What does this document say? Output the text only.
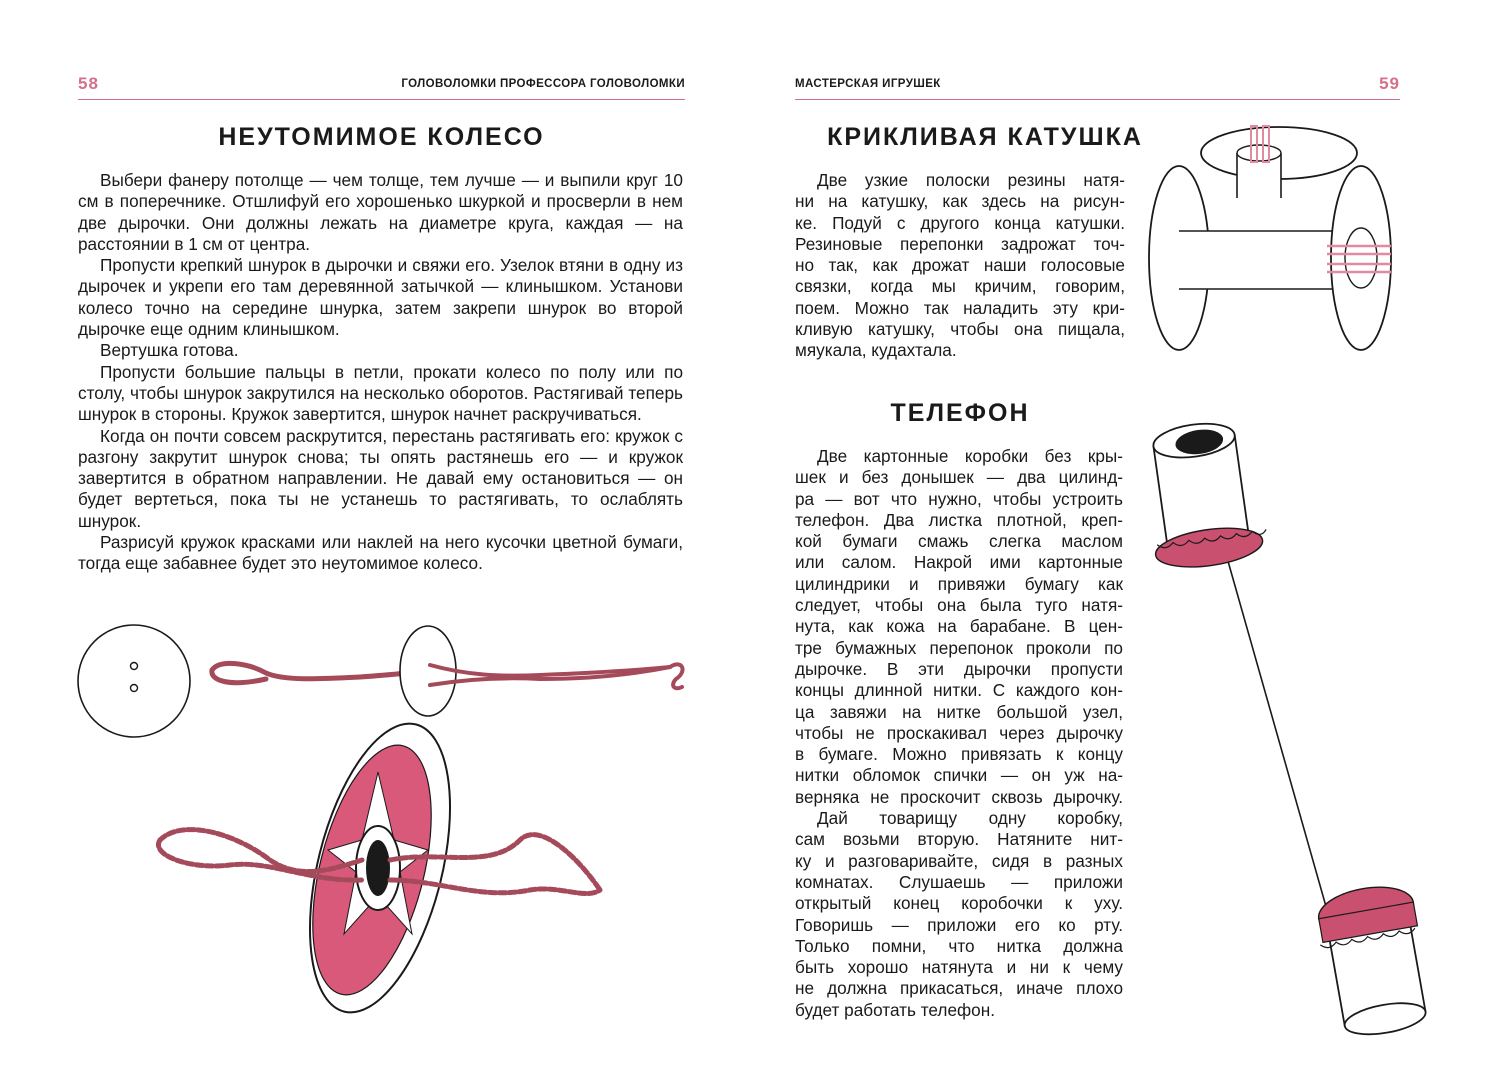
58	ГОЛОВОЛОМКИ ПРОФЕССОРА ГОЛОВОЛОМКИ
НЕУТОМИМОЕ КОЛЕСО

Выбери фанеру потолще — чем толще, тем лучше — и выпили круг 10 см в поперечнике. Отшлифуй его хорошенько шкуркой и просверли в нем две дырочки. Они должны лежать на диаметре круга, каждая — на расстоянии в 1 см от центра.

Пропусти крепкий шнурок в дырочки и свяжи его. Узелок втяни в одну из дырочек и укрепи его там деревянной затычкой — клинышком. Установи колесо точно на середине шнурка, затем закрепи шнурок во второй дырочке еще одним клинышком.

Вертушка готова.

Пропусти большие пальцы в петли, прокати колесо по полу или по столу, чтобы шнурок закрутился на несколько оборотов. Растягивай теперь шнурок в стороны. Кружок завертится, шнурок начнет раскручиваться.

Когда он почти совсем раскрутится, перестань растягивать его: кружок с разгону закрутит шнурок снова; ты опять растянешь его — и кружок завертится в обратном направлении. Не давай ему остановиться — он будет вертеться, пока ты не устанешь то растягивать, то ослаблять шнурок.

Разрисуй кружок красками или наклей на него кусочки цветной бумаги, тогда еще забавнее будет это неутомимое колесо.

МАСТЕРСКАЯ ИГРУШЕК	59
КРИКЛИВАЯ КАТУШКА
Две узкие полоски резины натя-
ни на катушку, как здесь на рисун-
ке. Подуй с другого конца катушки.
Резиновые перепонки задрожат точ-
но так, как дрожат наши голосовые
связки, когда мы кричим, говорим,
поем. Можно так наладить эту кри-
кливую катушку, чтобы она пищала,
мяукала, кудахтала.
ТЕЛЕФОН
Две картонные коробки без кры-
шек и без донышек — два цилинд-
ра — вот что нужно, чтобы устроить
телефон. Два листка плотной, креп-
кой бумаги смажь слегка маслом
или салом. Накрой ими картонные
цилиндрики и привяжи бумагу как
следует, чтобы она была туго натя-
нута, как кожа на барабане. В цен-
тре бумажных перепонок проколи по
дырочке. В эти дырочки пропусти
концы длинной нитки. С каждого кон-
ца завяжи на нитке большой узел,
чтобы не проскакивал через дырочку
в бумаге. Можно привязать к концу
нитки обломок спички — он уж на-
верняка не проскочит сквозь дырочку.
Дай товарищу одну коробку,
сам возьми вторую. Натяните нит-
ку и разговаривайте, сидя в разных
комнатах. Слушаешь — приложи
открытый конец коробочки к уху.
Говоришь — приложи его ко рту.
Только помни, что нитка должна
быть хорошо натянута и ни к чему
не должна прикасаться, иначе плохо
будет работать телефон.
